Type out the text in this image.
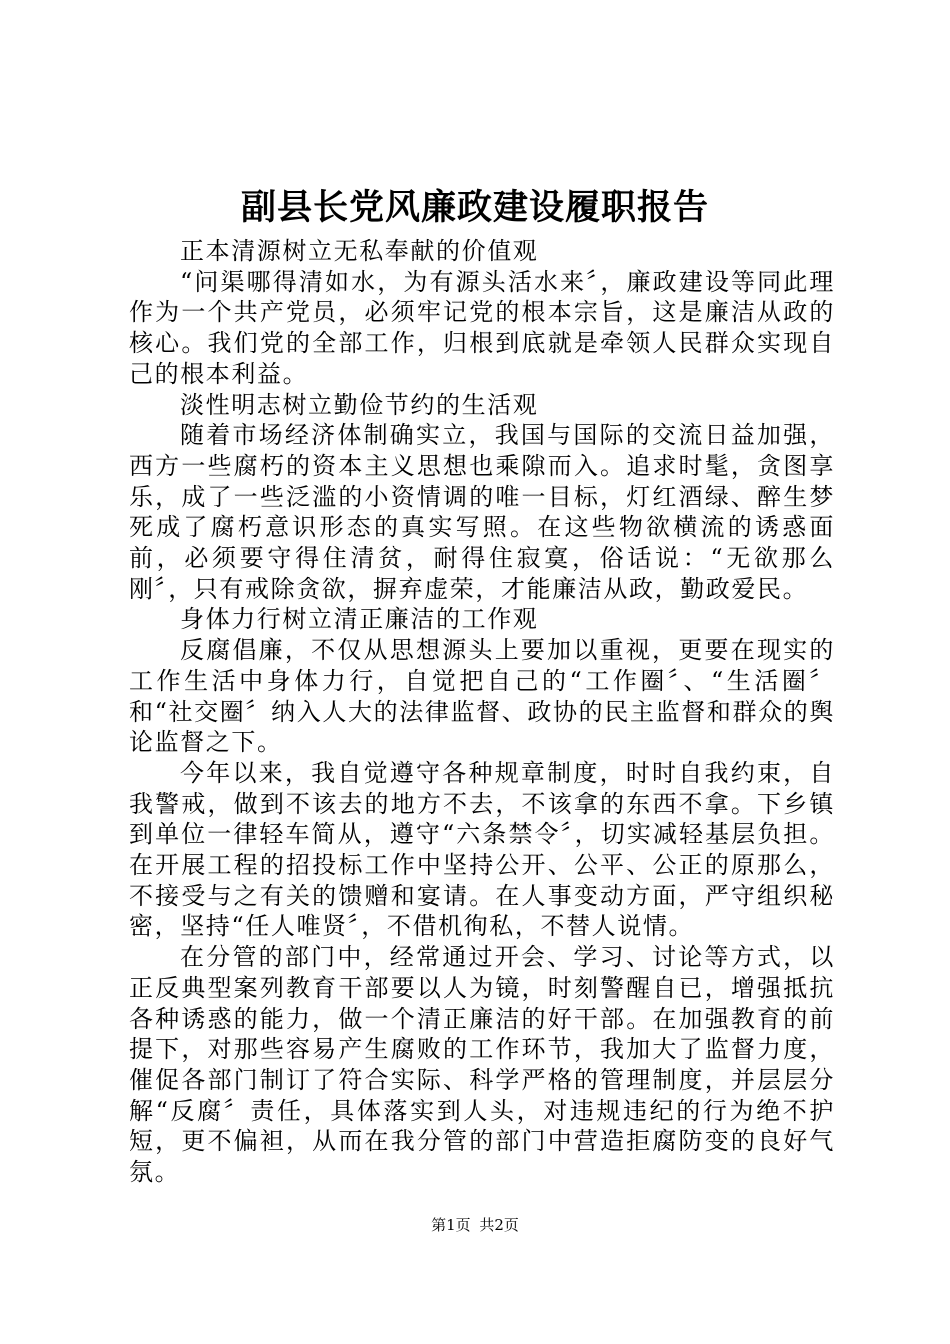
副县长党风廉政建设履职报告

正本清源树立无私奉献的价值观

“问渠哪得清如水，为有源头活水来〞，廉政建设等同此理作为一个共产党员，必须牢记党的根本宗旨，这是廉洁从政的核心。我们党的全部工作，归根到底就是牵领人民群众实现自己的根本利益。

淡性明志树立勤俭节约的生活观

随着市场经济体制确实立，我国与国际的交流日益加强，西方一些腐朽的资本主义思想也乘隙而入。追求时髦，贪图享乐，成了一些泛滥的小资情调的唯一目标，灯红酒绿、醉生梦死成了腐朽意识形态的真实写照。在这些物欲横流的诱惑面前，必须要守得住清贫，耐得住寂寞，俗话说：“无欲那么刚〞，只有戒除贪欲，摒弃虚荣，才能廉洁从政，勤政爱民。

身体力行树立清正廉洁的工作观

反腐倡廉，不仅从思想源头上要加以重视，更要在现实的工作生活中身体力行，自觉把自己的“工作圈〞、“生活圈〞和“社交圈〞纳入人大的法律监督、政协的民主监督和群众的舆论监督之下。

今年以来，我自觉遵守各种规章制度，时时自我约束，自我警戒，做到不该去的地方不去，不该拿的东西不拿。下乡镇到单位一律轻车简从，遵守“六条禁令〞，切实减轻基层负担。在开展工程的招投标工作中坚持公开、公平、公正的原那么，不接受与之有关的馈赠和宴请。在人事变动方面，严守组织秘密，坚持“任人唯贤〞，不借机徇私，不替人说情。

在分管的部门中，经常通过开会、学习、讨论等方式，以正反典型案列教育干部要以人为镜，时刻警醒自已，增强抵抗各种诱惑的能力，做一个清正廉洁的好干部。在加强教育的前提下，对那些容易产生腐败的工作环节，我加大了监督力度，催促各部门制订了符合实际、科学严格的管理制度，并层层分解“反腐〞责任，具体落实到人头，对违规违纪的行为绝不护短，更不偏袒，从而在我分管的部门中营造拒腐防变的良好气氛。

第1页 共2页
